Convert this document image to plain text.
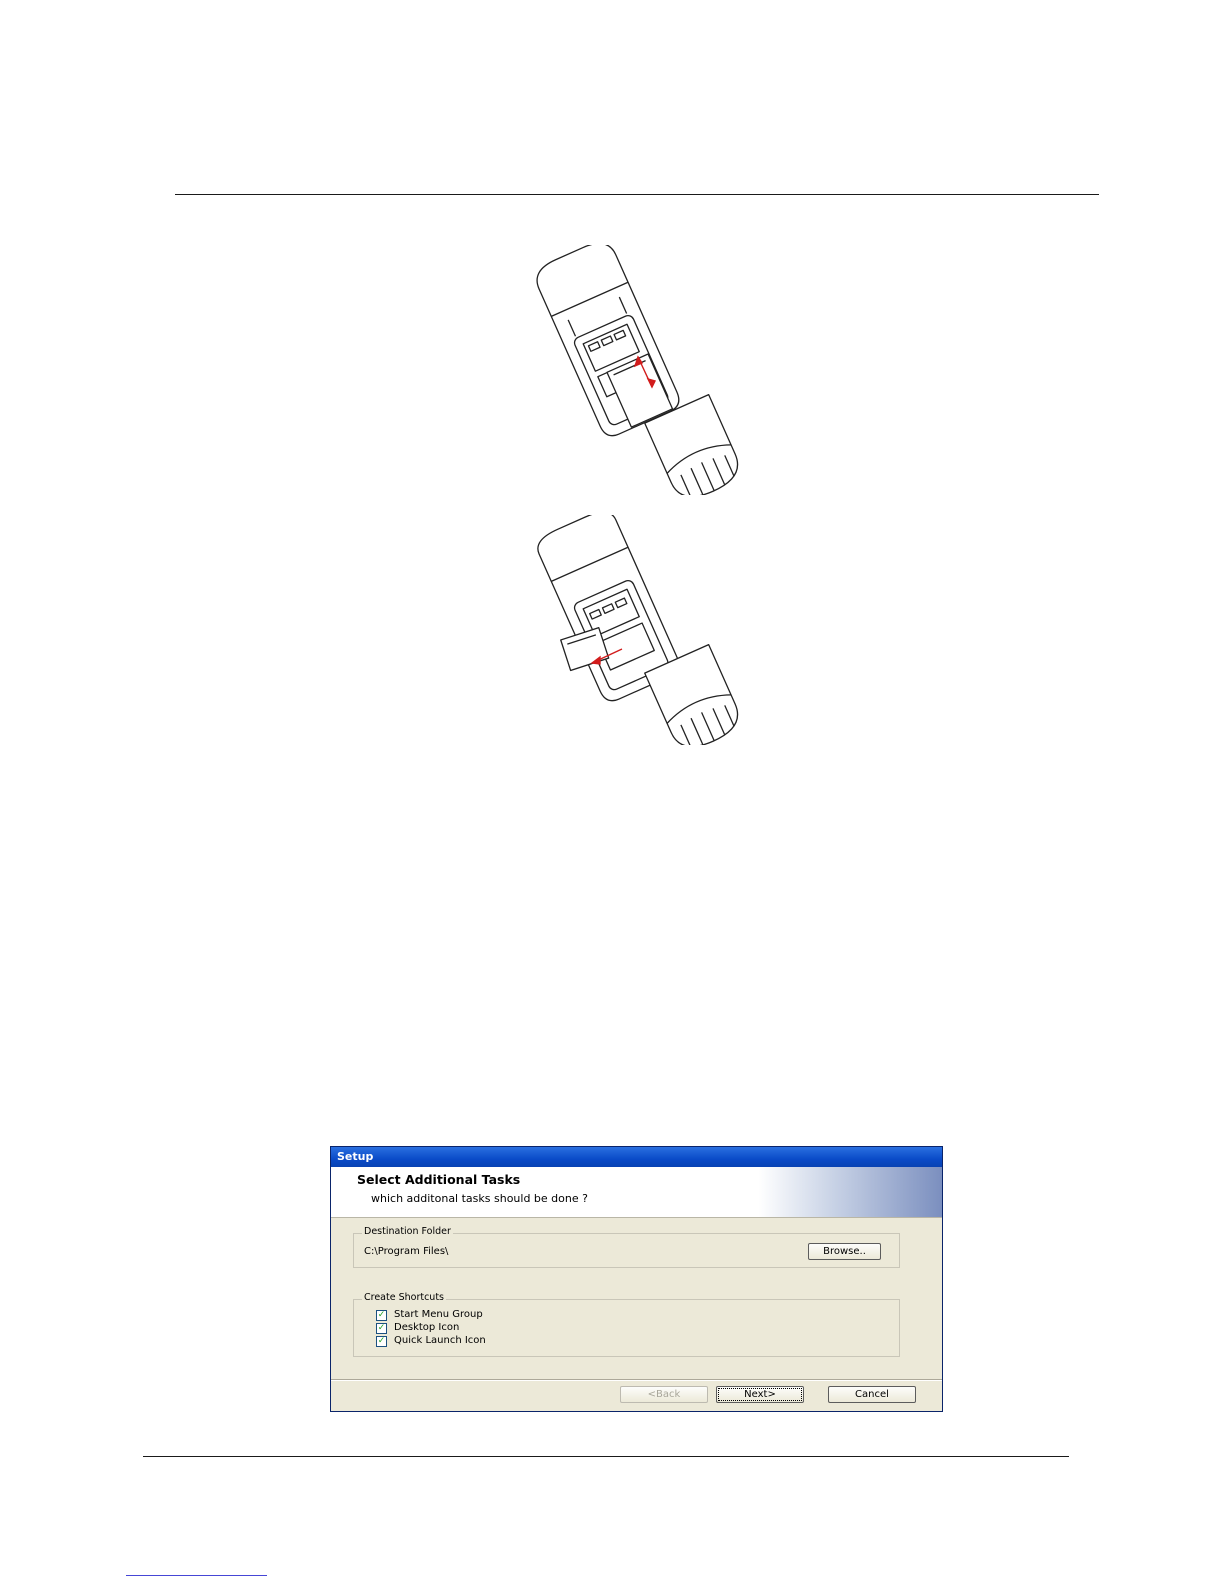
Setup
Select Additional Tasks
which additonal tasks should be done ?
Destination Folder
C:\Program Files\	Browse..
Create Shortcuts
✓ Start Menu Group
✓ Desktop Icon
✓ Quick Launch Icon
<Back	Next>	Cancel
